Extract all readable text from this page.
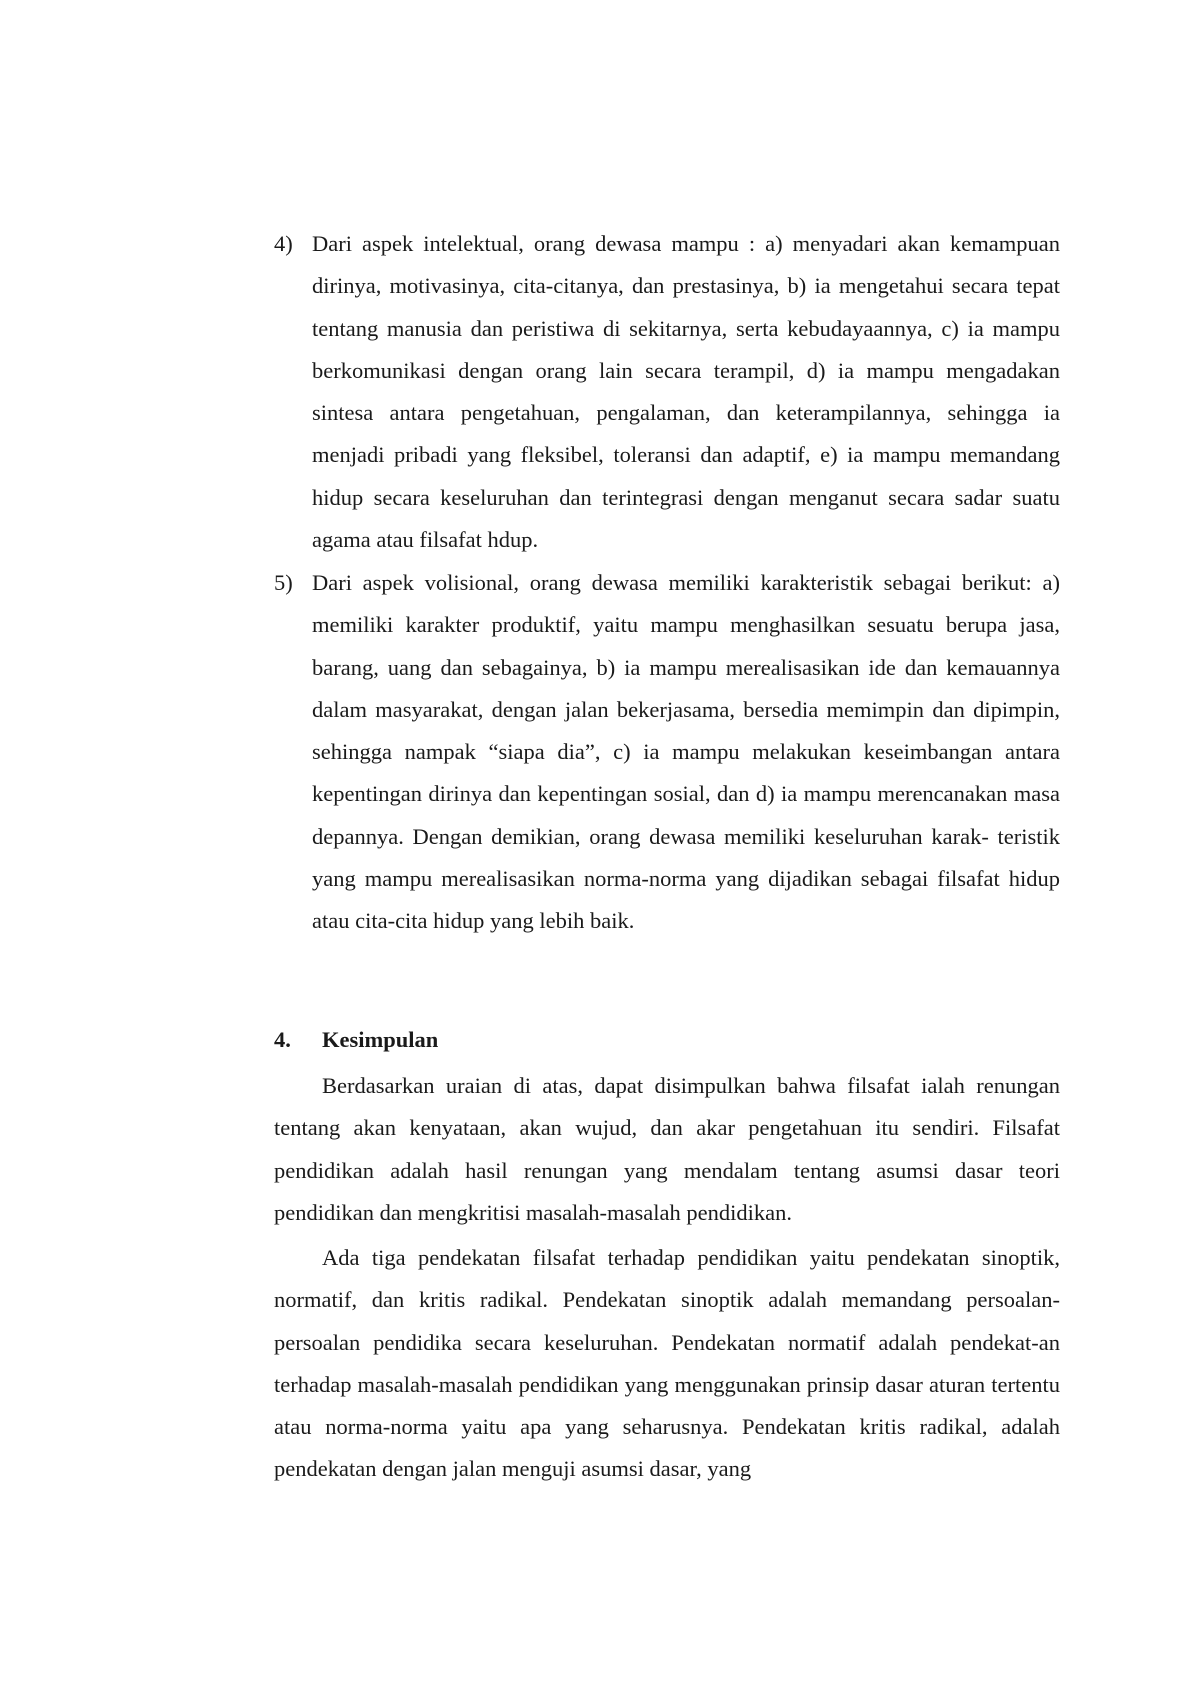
4) Dari aspek intelektual, orang dewasa mampu : a) menyadari akan kemampuan dirinya, motivasinya, cita-citanya, dan prestasinya, b) ia mengetahui secara tepat tentang manusia dan peristiwa di sekitarnya, serta kebudayaannya, c) ia mampu berkomunikasi dengan orang lain secara terampil, d) ia mampu mengadakan sintesa antara pengetahuan, pengalaman, dan keterampilannya, sehingga ia menjadi pribadi yang fleksibel, toleransi dan adaptif, e) ia mampu memandang hidup secara keseluruhan dan terintegrasi dengan menganut secara sadar suatu agama atau filsafat hdup.

5) Dari aspek volisional, orang dewasa memiliki karakteristik sebagai berikut: a) memiliki karakter produktif, yaitu mampu menghasilkan sesuatu berupa jasa, barang, uang dan sebagainya, b) ia mampu merealisasikan ide dan kemauannya dalam masyarakat, dengan jalan bekerjasama, bersedia memimpin dan dipimpin, sehingga nampak “siapa dia”, c) ia mampu melakukan keseimbangan antara kepentingan dirinya dan kepentingan sosial, dan d) ia mampu merencanakan masa depannya. Dengan demikian, orang dewasa memiliki keseluruhan karak- teristik yang mampu merealisasikan norma-norma yang dijadikan sebagai filsafat hidup atau cita-cita hidup yang lebih baik.

4. Kesimpulan

Berdasarkan uraian di atas, dapat disimpulkan bahwa filsafat ialah renungan tentang akan kenyataan, akan wujud, dan akar pengetahuan itu sendiri. Filsafat pendidikan adalah hasil renungan yang mendalam tentang asumsi dasar teori pendidikan dan mengkritisi masalah-masalah pendidikan.

Ada tiga pendekatan filsafat terhadap pendidikan yaitu pendekatan sinoptik, normatif, dan kritis radikal. Pendekatan sinoptik adalah memandang persoalan-persoalan pendidika secara keseluruhan. Pendekatan normatif adalah pendekat-an terhadap masalah-masalah pendidikan yang menggunakan prinsip dasar aturan tertentu atau norma-norma yaitu apa yang seharusnya. Pendekatan kritis radikal, adalah pendekatan dengan jalan menguji asumsi dasar, yang
